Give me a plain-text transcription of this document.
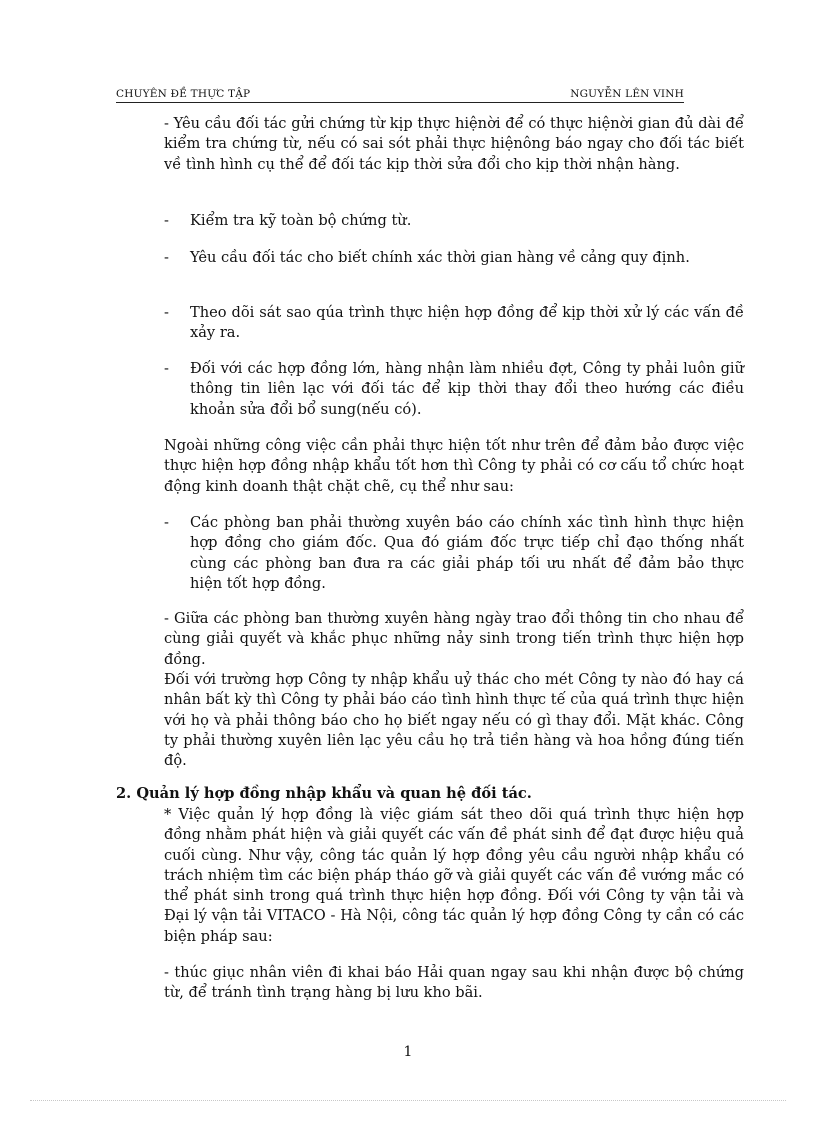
CHUYÊN ĐỀ THỰC TẬP	NGUYỄN LÊN VINH

- Yêu cầu đối tác gửi chứng từ kịp thực hiệnời để có thực hiệnời gian đủ dài để kiểm tra chứng từ, nếu có sai sót phải thực hiệnông báo ngay cho đối tác biết về tình hình cụ thể để đối tác kịp thời sửa đổi cho kịp thời nhận hàng.

- Kiểm tra kỹ toàn bộ chứng từ.
- Yêu cầu đối tác cho biết chính xác thời gian hàng về cảng quy định.
- Theo dõi sát sao qúa trình thực hiện hợp đồng để kịp thời xử lý các vấn đề xảy ra.
- Đối với các hợp đồng lớn, hàng nhận làm nhiều đợt, Công ty phải luôn giữ thông tin liên lạc với đối tác để kịp thời thay đổi theo hướng các điều khoản sửa đổi bổ sung(nếu có).

Ngoài những công việc cần phải thực hiện tốt như trên để đảm bảo được việc thực hiện hợp đồng nhập khẩu tốt hơn thì Công ty phải có cơ cấu tổ chức hoạt động kinh doanh thật chặt chẽ, cụ thể như sau:

- Các phòng ban phải thường xuyên báo cáo chính xác tình hình thực hiện hợp đồng cho giám đốc. Qua đó giám đốc trực tiếp chỉ đạo thống nhất cùng các phòng ban đưa ra các giải pháp tối ưu nhất để đảm bảo thực hiện tốt hợp đồng.

- Giữa các phòng ban thường xuyên hàng ngày trao đổi thông tin cho nhau để cùng giải quyết và khắc phục những nảy sinh trong tiến trình thực hiện hợp đồng.

Đối với trường hợp Công ty nhập khẩu uỷ thác cho mét Công ty nào đó hay cá nhân bất kỳ thì Công ty phải báo cáo tình hình thực tế của quá trình thực hiện với họ và phải thông báo cho họ biết ngay nếu có gì thay đổi. Mặt khác. Công ty phải thường xuyên liên lạc yêu cầu họ trả tiền hàng và hoa hồng đúng tiến độ.

2. Quản lý hợp đồng nhập khẩu và quan hệ đối tác.

* Việc quản lý hợp đồng là việc giám sát theo dõi quá trình thực hiện hợp đồng nhằm phát hiện và giải quyết các vấn đề phát sinh để đạt được hiệu quả cuối cùng. Như vậy, công tác quản lý hợp đồng yêu cầu người nhập khẩu có trách nhiệm tìm các biện pháp tháo gỡ và giải quyết các vấn đề vướng mắc có thể phát sinh trong quá trình thực hiện hợp đồng. Đối với Công ty vận tải và Đại lý vận tải VITACO - Hà Nội, công tác quản lý hợp đồng Công ty cần có các biện pháp sau:

- thúc giục nhân viên đi khai báo Hải quan ngay sau khi nhận được bộ chứng từ, để tránh tình trạng hàng bị lưu kho bãi.

1
